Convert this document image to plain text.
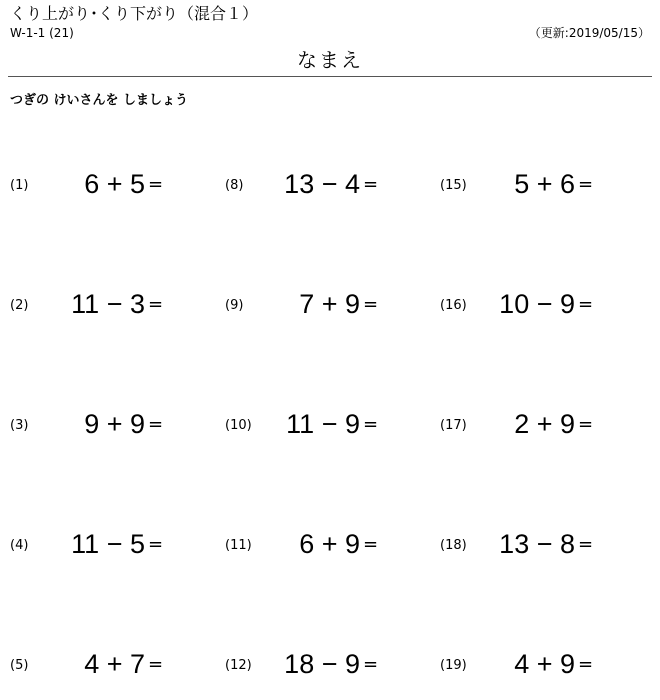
くり上がり･くり下がり（混合１）
W-1-1 (21)	（更新:2019/05/15）
なまえ
つぎの けいさんを しましょう
(1) 6 + 5 =
(2) 11 − 3 =
(3) 9 + 9 =
(4) 11 − 5 =
(5) 4 + 7 =
(8) 13 − 4 =
(9) 7 + 9 =
(10) 11 − 9 =
(11) 6 + 9 =
(12) 18 − 9 =
(15) 5 + 6 =
(16) 10 − 9 =
(17) 2 + 9 =
(18) 13 − 8 =
(19) 4 + 9 =
